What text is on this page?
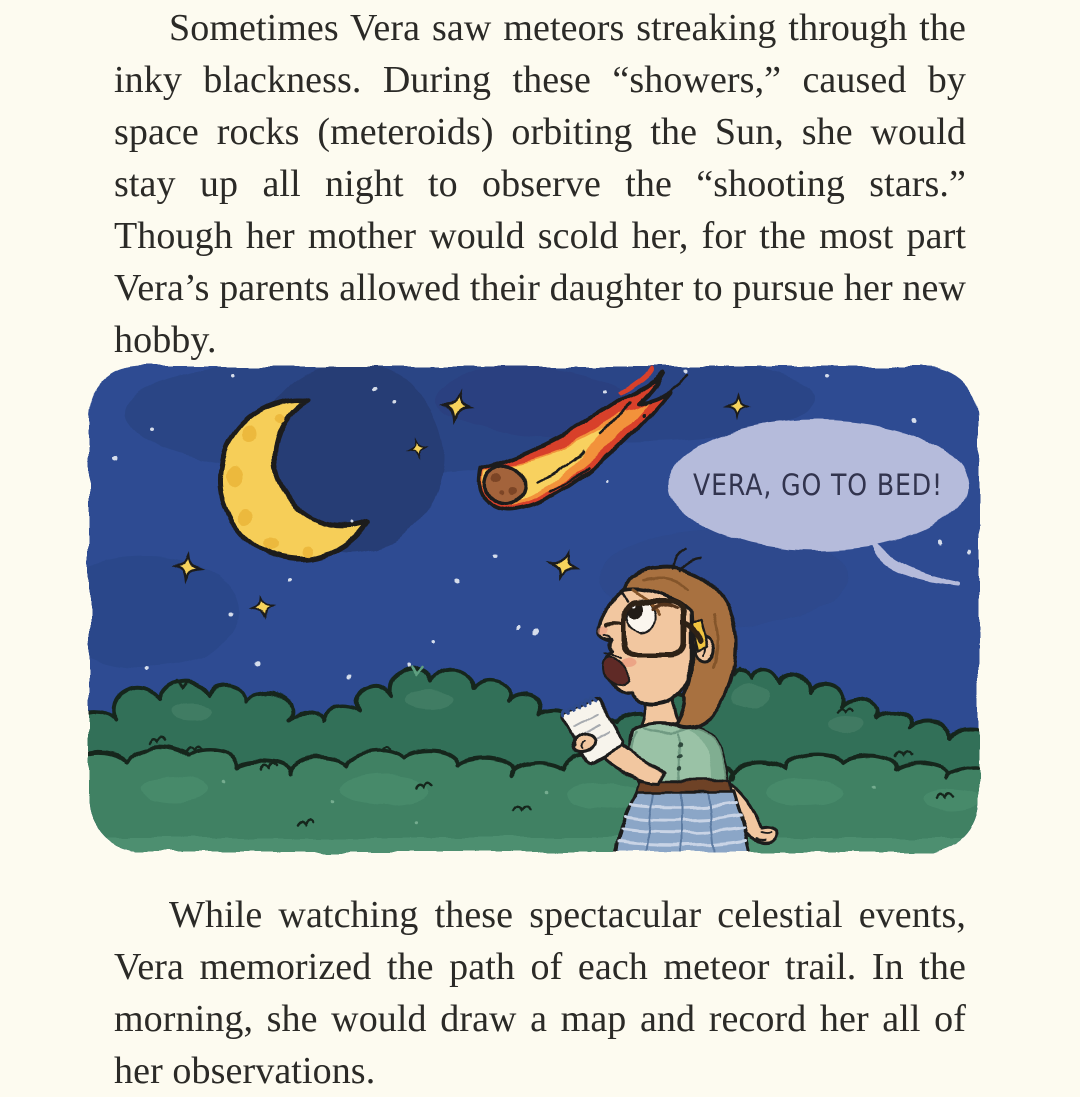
Sometimes Vera saw meteors streaking through the inky blackness. During these “showers,” caused by space rocks (meteroids) orbiting the Sun, she would stay up all night to observe the “shooting stars.” Though her mother would scold her, for the most part Vera’s parents allowed their daughter to pursue her new hobby.

VERA, GO TO BED!

While watching these spectacular celestial events, Vera memorized the path of each meteor trail. In the morning, she would draw a map and record her all of her observations.
